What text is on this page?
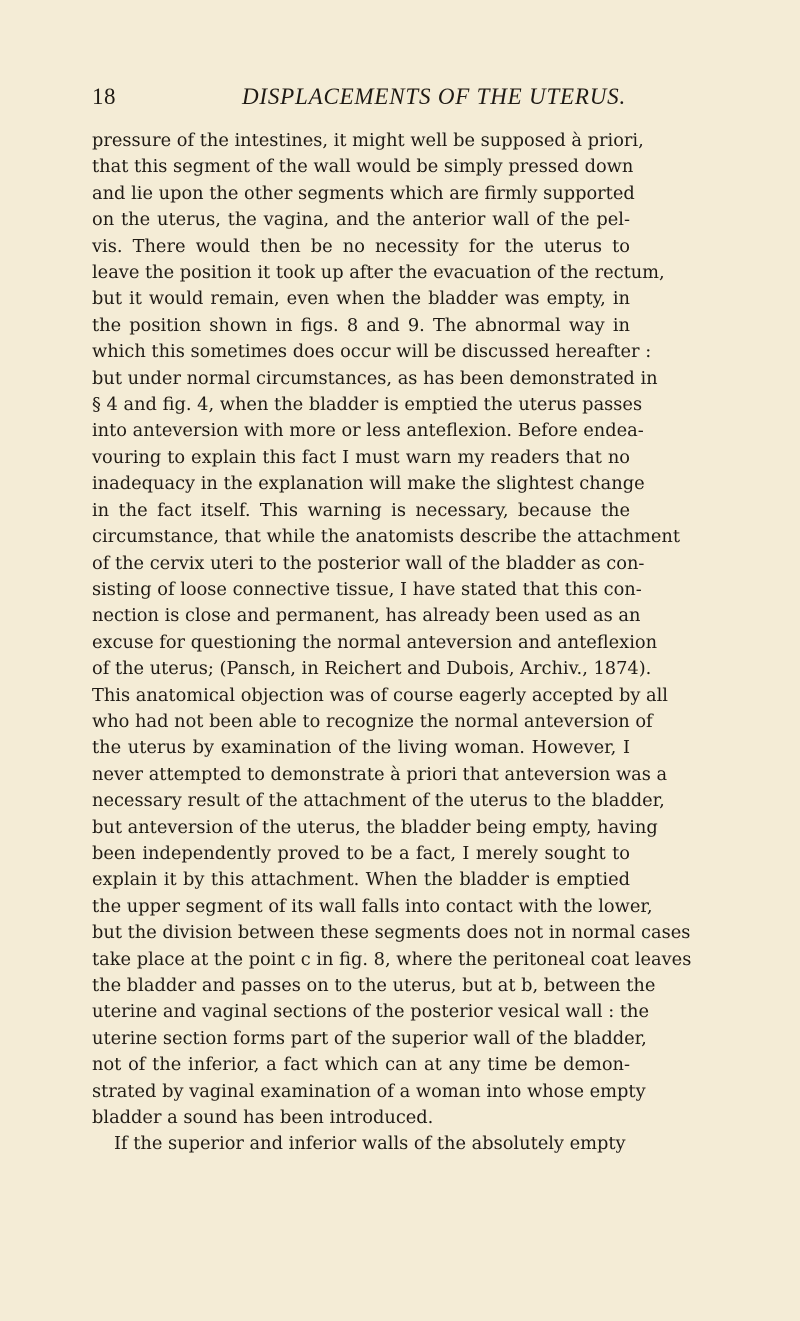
18	DISPLACEMENTS OF THE UTERUS.
pressure of the intestines, it might well be supposed à priori,
that this segment of the wall would be simply pressed down
and lie upon the other segments which are firmly supported
on the uterus, the vagina, and the anterior wall of the pel-
vis. There would then be no necessity for the uterus to
leave the position it took up after the evacuation of the rectum,
but it would remain, even when the bladder was empty, in
the position shown in figs. 8 and 9. The abnormal way in
which this sometimes does occur will be discussed hereafter :
but under normal circumstances, as has been demonstrated in
§ 4 and fig. 4, when the bladder is emptied the uterus passes
into anteversion with more or less anteflexion. Before endea-
vouring to explain this fact I must warn my readers that no
inadequacy in the explanation will make the slightest change
in the fact itself. This warning is necessary, because the
circumstance, that while the anatomists describe the attachment
of the cervix uteri to the posterior wall of the bladder as con-
sisting of loose connective tissue, I have stated that this con-
nection is close and permanent, has already been used as an
excuse for questioning the normal anteversion and anteflexion
of the uterus; (Pansch, in Reichert and Dubois, Archiv., 1874).
This anatomical objection was of course eagerly accepted by all
who had not been able to recognize the normal anteversion of
the uterus by examination of the living woman. However, I
never attempted to demonstrate à priori that anteversion was a
necessary result of the attachment of the uterus to the bladder,
but anteversion of the uterus, the bladder being empty, having
been independently proved to be a fact, I merely sought to
explain it by this attachment. When the bladder is emptied
the upper segment of its wall falls into contact with the lower,
but the division between these segments does not in normal cases
take place at the point c in fig. 8, where the peritoneal coat leaves
the bladder and passes on to the uterus, but at b, between the
uterine and vaginal sections of the posterior vesical wall : the
uterine section forms part of the superior wall of the bladder,
not of the inferior, a fact which can at any time be demon-
strated by vaginal examination of a woman into whose empty
bladder a sound has been introduced.
If the superior and inferior walls of the absolutely empty
